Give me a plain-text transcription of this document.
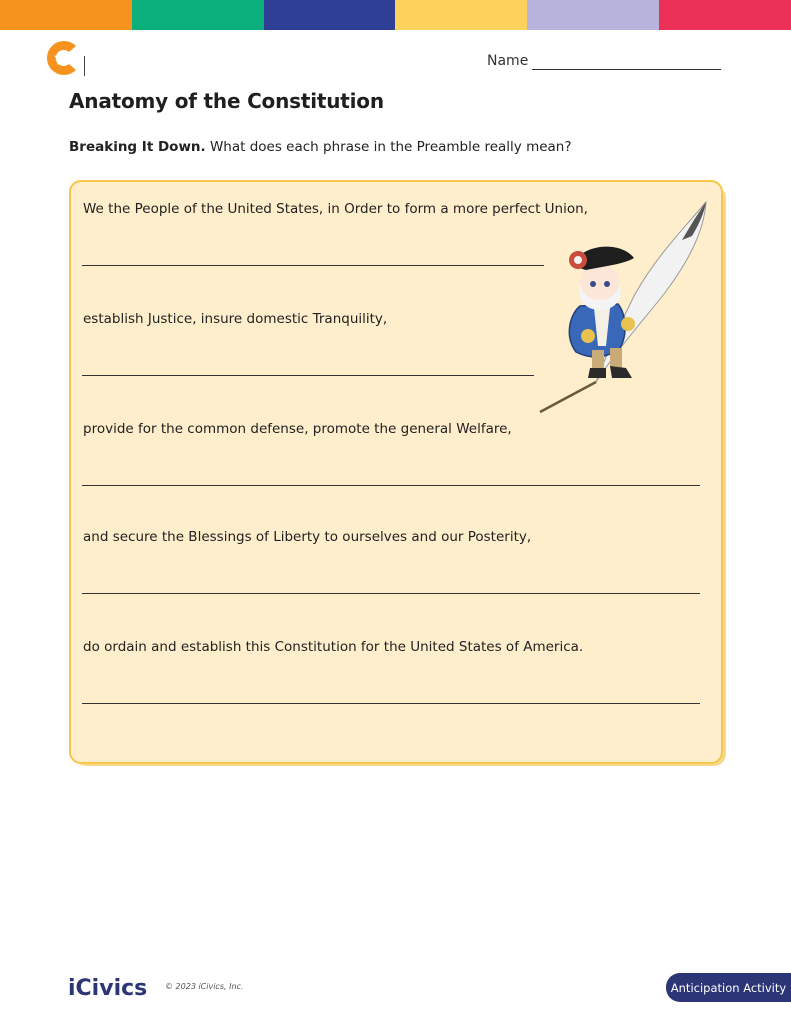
Name
Anatomy of the Constitution

Breaking It Down. What does each phrase in the Preamble really mean?

We the People of the United States, in Order to form a more perfect Union,

establish Justice, insure domestic Tranquility,

provide for the common defense, promote the general Welfare,

and secure the Blessings of Liberty to ourselves and our Posterity,

do ordain and establish this Constitution for the United States of America.

iCivics © 2023 iCivics, Inc.	Anticipation Activity
